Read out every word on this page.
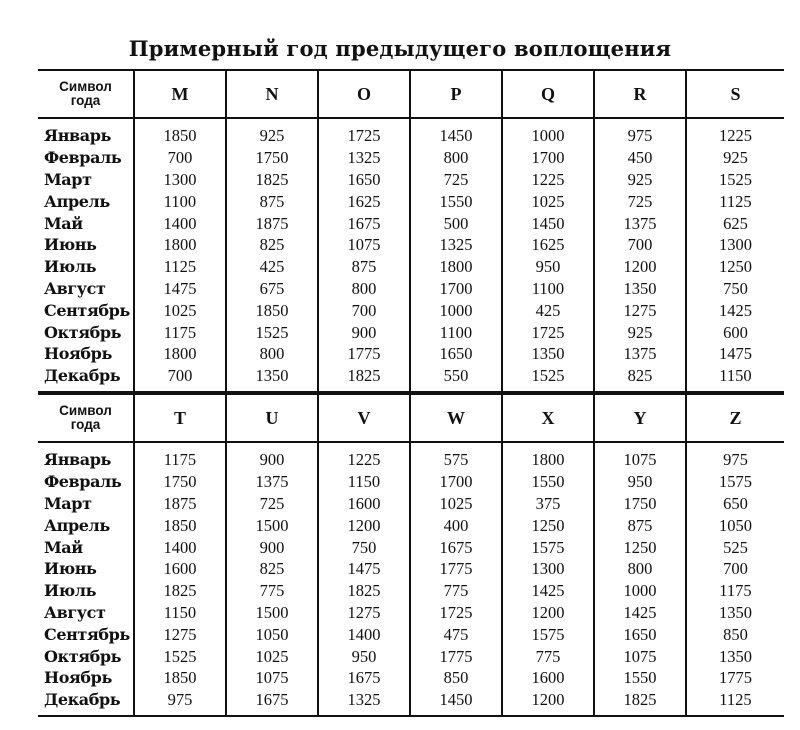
Примерный год предыдущего воплощения
Символ
года	M	N	O	P	Q	R	S
Январь	1850	925	1725	1450	1000	975	1225
Февраль	700	1750	1325	800	1700	450	925
Март	1300	1825	1650	725	1225	925	1525
Апрель	1100	875	1625	1550	1025	725	1125
Май	1400	1875	1675	500	1450	1375	625
Июнь	1800	825	1075	1325	1625	700	1300
Июль	1125	425	875	1800	950	1200	1250
Август	1475	675	800	1700	1100	1350	750
Сентябрь	1025	1850	700	1000	425	1275	1425
Октябрь	1175	1525	900	1100	1725	925	600
Ноябрь	1800	800	1775	1650	1350	1375	1475
Декабрь	700	1350	1825	550	1525	825	1150
Символ
года	T	U	V	W	X	Y	Z
Январь	1175	900	1225	575	1800	1075	975
Февраль	1750	1375	1150	1700	1550	950	1575
Март	1875	725	1600	1025	375	1750	650
Апрель	1850	1500	1200	400	1250	875	1050
Май	1400	900	750	1675	1575	1250	525
Июнь	1600	825	1475	1775	1300	800	700
Июль	1825	775	1825	775	1425	1000	1175
Август	1150	1500	1275	1725	1200	1425	1350
Сентябрь	1275	1050	1400	475	1575	1650	850
Октябрь	1525	1025	950	1775	775	1075	1350
Ноябрь	1850	1075	1675	850	1600	1550	1775
Декабрь	975	1675	1325	1450	1200	1825	1125
